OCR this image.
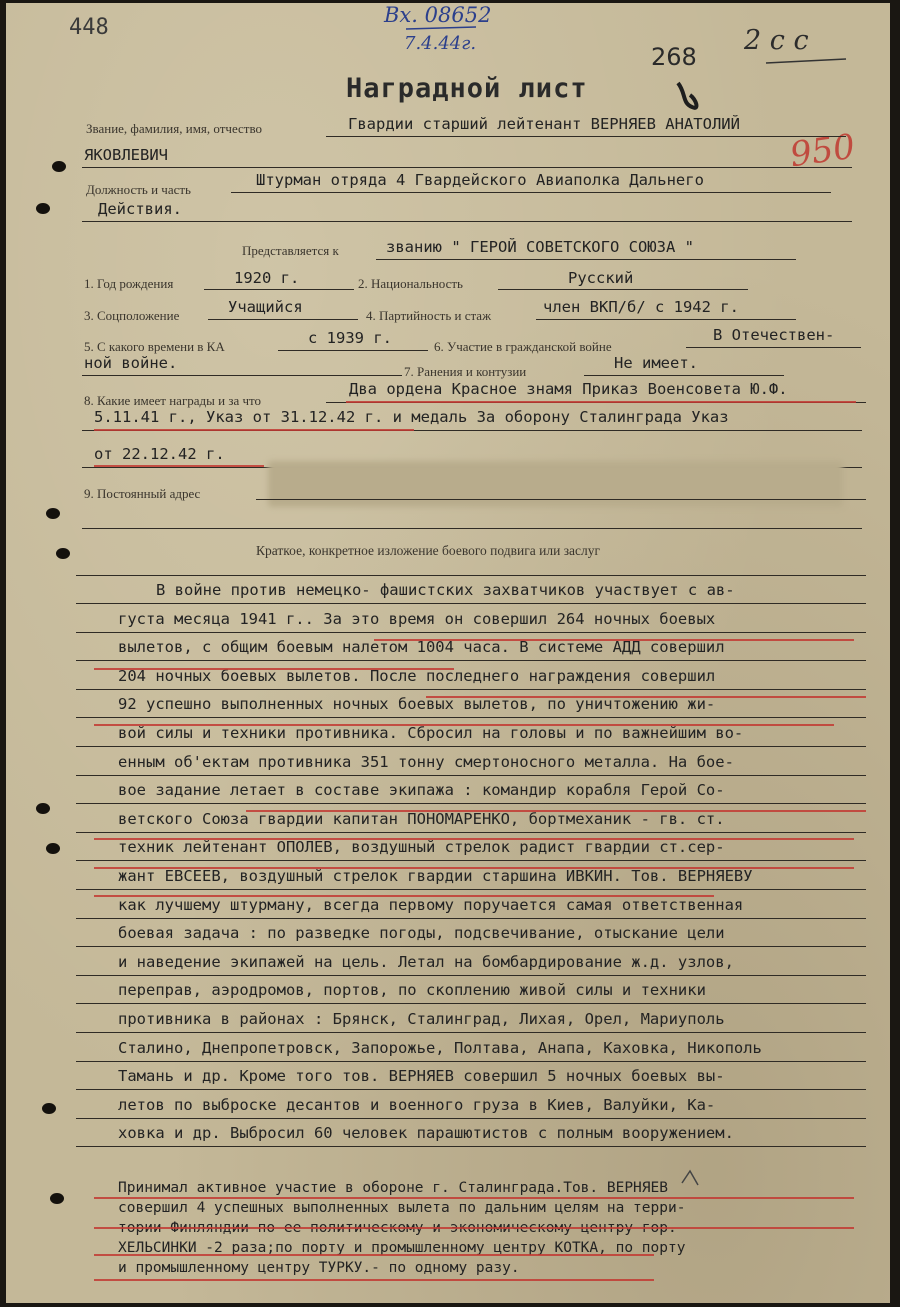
448	Вх. 08652
7.4.44г.	268
2 с с
950
Наградной лист
Звание, фамилия, имя, отчество	Гвардии старший лейтенант ВЕРНЯЕВ АНАТОЛИЙ
ЯКОВЛЕВИЧ
Должность и часть
Штурман отряда 4 Гвардейского Авиаполка Дальнего
Действия.
Представляется к	званию " ГЕРОЙ СОВЕТСКОГО СОЮЗА "
1. Год рождения	1920 г.	2. Национальность	Русский
3. Соцположение	Учащийся	4. Партийность и стаж	член ВКП/б/ с 1942 г.
5. С какого времени в КА	с 1939 г.	6. Участие в гражданской войне
В Отечествен-
ной войне.	7. Ранения и контузии	Не имеет.
8. Какие имеет награды и за что
Два ордена Красное знамя Приказ Военсовета Ю.Ф.
5.11.41 г., Указ от 31.12.42 г. и медаль За оборону Сталинграда Указ
от 22.12.42 г.
9. Постоянный адрес
Краткое, конкретное изложение боевого подвига или заслуг
В войне против немецко- фашистских захватчиков участвует с ав-
густа месяца 1941 г.. За это время он совершил 264 ночных боевых
вылетов, с общим боевым налетом 1004 часа. В системе АДД совершил
204 ночных боевых вылетов. После последнего награждения совершил
92 успешно выполненных ночных боевых вылетов, по уничтожению жи-
вой силы и техники противника. Сбросил на головы и по важнейшим во-
енным об'ектам противника 351 тонну смертоносного металла. На бое-
вое задание летает в составе экипажа : командир корабля Герой Со-
ветского Союза гвардии капитан ПОНОМАРЕНКО, бортмеханик - гв. ст.
техник лейтенант ОПОЛЕВ, воздушный стрелок радист гвардии ст.сер-
жант ЕВСЕЕВ, воздушный стрелок гвардии старшина ИВКИН. Тов. ВЕРНЯЕВУ
как лучшему штурману, всегда первому поручается самая ответственная
боевая задача : по разведке погоды, подсвечивание, отыскание цели
и наведение экипажей на цель. Летал на бомбардирование ж.д. узлов,
переправ, аэродромов, портов, по скоплению живой силы и техники
противника в районах : Брянск, Сталинград, Лихая, Орел, Мариуполь
Сталино, Днепропетровск, Запорожье, Полтава, Анапа, Каховка, Никополь
Тамань и др. Кроме того тов. ВЕРНЯЕВ совершил 5 ночных боевых вы-
летов по выброске десантов и военного груза в Киев, Валуйки, Ка-
ховка и др. Выбросил 60 человек парашютистов с полным вооружением.
Принимал активное участие в обороне г. Сталинграда.Тов. ВЕРНЯЕВ
совершил 4 успешных выполненных вылета по дальним целям на терри-
тории Финляндии по ее политическому и экономическому центру гор.
ХЕЛЬСИНКИ -2 раза;по порту и промышленному центру КОТКА, по порту
и промышленному центру ТУРКУ.- по одному разу.
